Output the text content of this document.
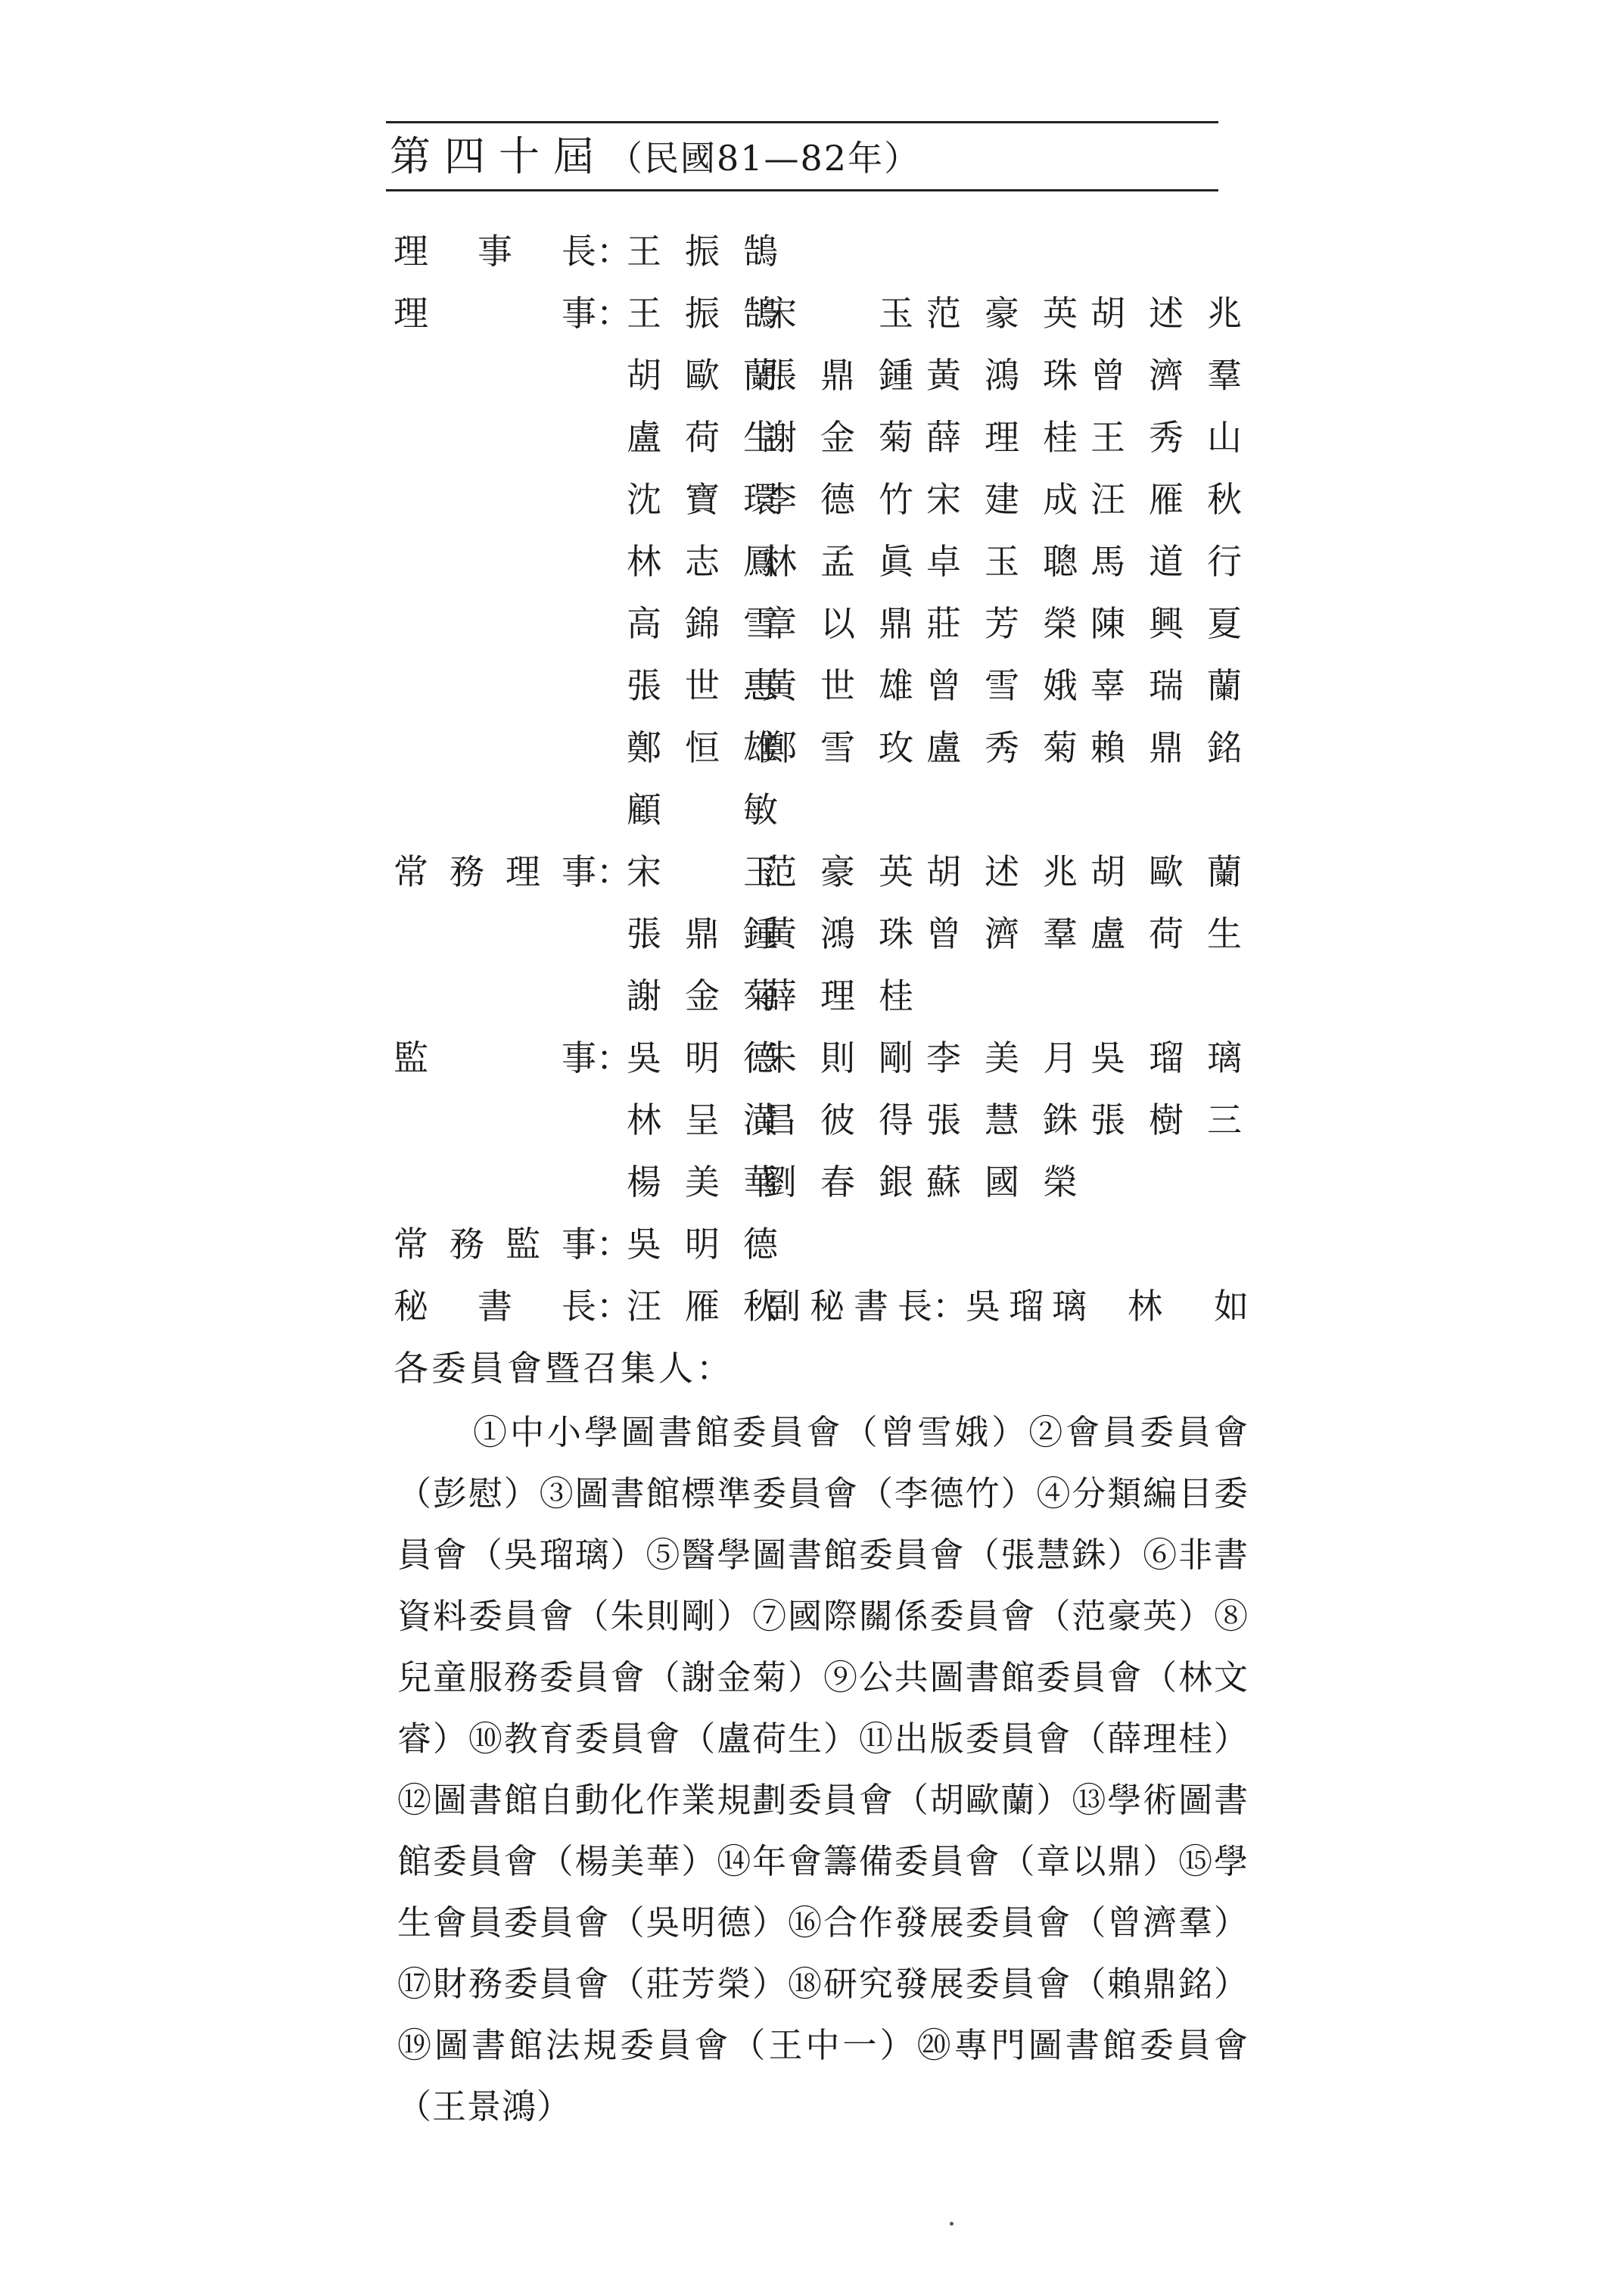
第四十屆（民國81—82年）
理事長 ：
王振鵠
理事 ：
王振鵠
宋　玉 范豪英 胡述兆
胡歐蘭
張鼎鍾 黃鴻珠 曾濟羣
盧荷生
謝金菊 薛理桂 王秀山
沈寶環
李德竹 宋建成 汪雁秋
林志鳳
林孟眞 卓玉聰 馬道行
高錦雪
章以鼎 莊芳榮 陳興夏
張世惠
黃世雄 曾雪娥 辜瑞蘭
鄭恒雄
鄭雪玫 盧秀菊 賴鼎銘
顧　敏
常務理事 ：
宋　玉
范豪英 胡述兆 胡歐蘭
張鼎鍾
黃鴻珠 曾濟羣 盧荷生
謝金菊
薛理桂
監事 ：
吳明德
朱則剛 李美月 吳瑠璃
林呈潢
昌彼得 張慧銖 張樹三
楊美華
劉春銀 蘇國榮
常務監事 ：
吳明德
秘書長 ：
汪雁秋
副秘書長 ：
吳瑠璃 林　如
各委員會暨召集人：
①中小學圖書館委員會（曾雪娥）②會員委員會（彭慰）③圖書館標準委員會（李德竹）④分類編目委員會（吳瑠璃）⑤醫學圖書館委員會（張慧銖）⑥非書資料委員會（朱則剛）⑦國際關係委員會（范豪英）⑧兒童服務委員會（謝金菊）⑨公共圖書館委員會（林文睿）⑩教育委員會（盧荷生）⑪出版委員會（薛理桂）⑫圖書館自動化作業規劃委員會（胡歐蘭）⑬學術圖書館委員會（楊美華）⑭年會籌備委員會（章以鼎）⑮學生會員委員會（吳明德）⑯合作發展委員會（曾濟羣）⑰財務委員會（莊芳榮）⑱研究發展委員會（賴鼎銘）⑲圖書館法規委員會（王中一）⑳專門圖書館委員會（王景鴻）
